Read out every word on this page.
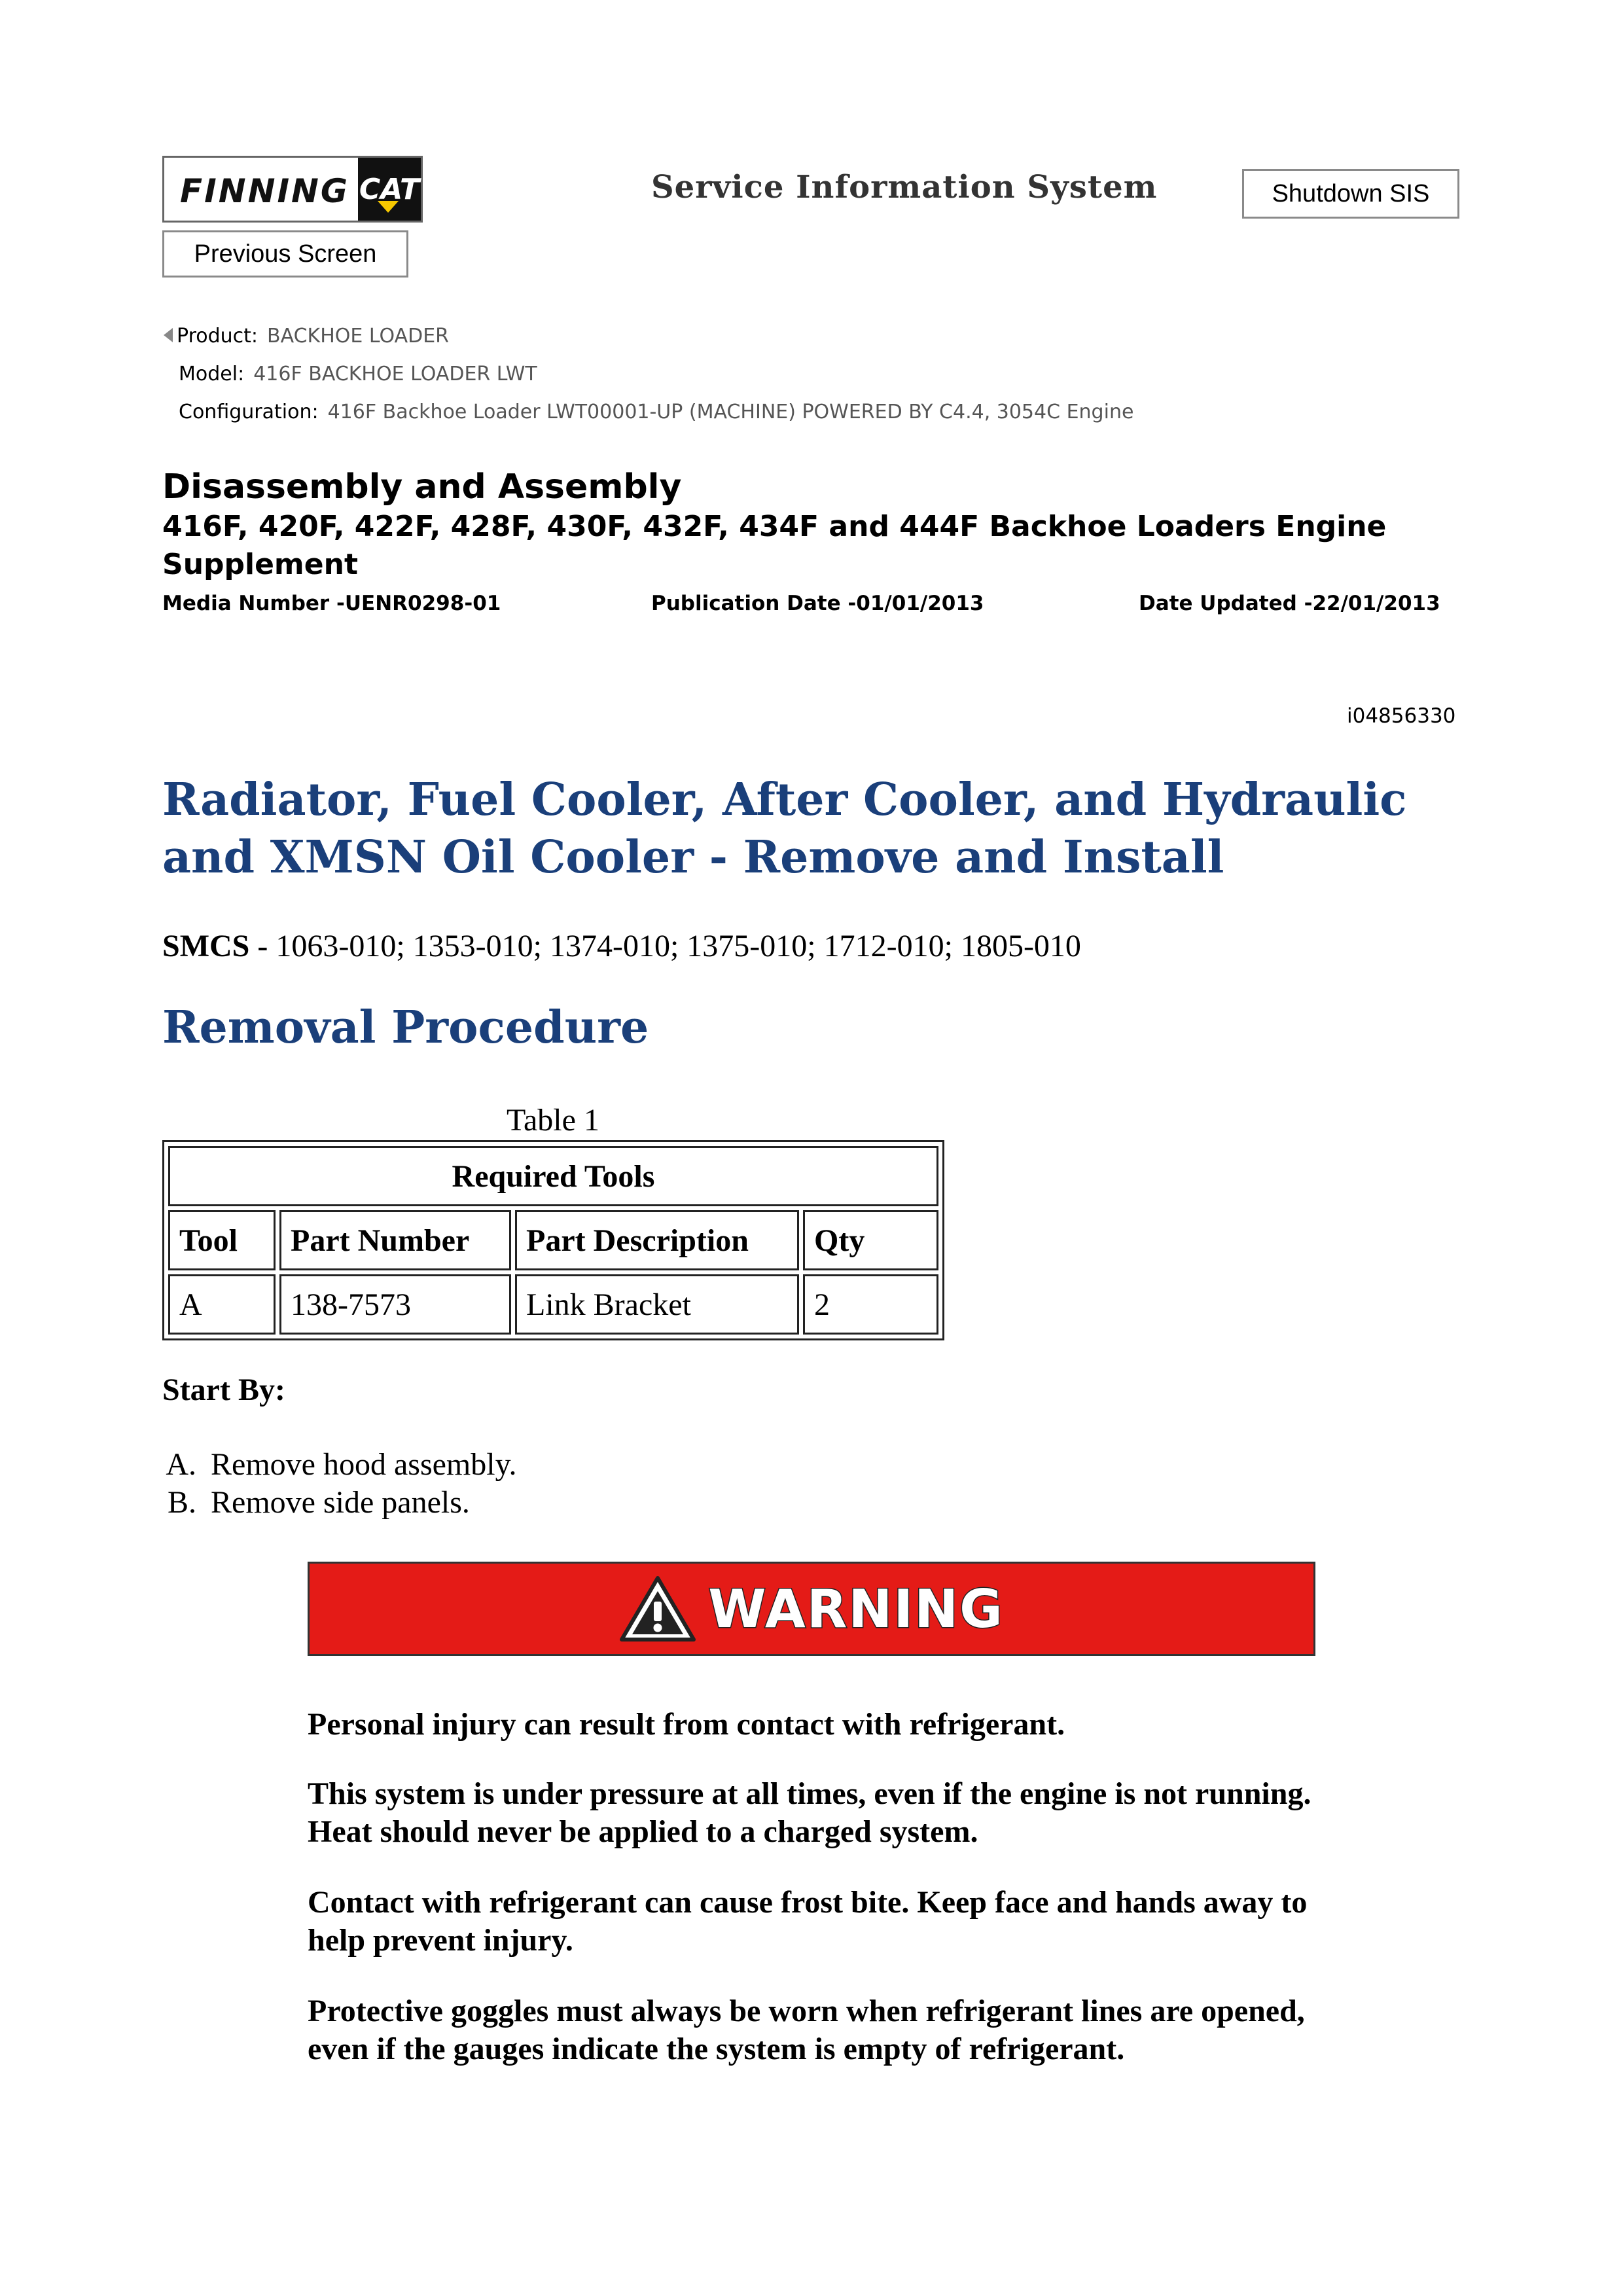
FINNING CAT	Service Information System	Shutdown SIS
Previous Screen
Product: BACKHOE LOADER
Model: 416F BACKHOE LOADER LWT
Configuration: 416F Backhoe Loader LWT00001-UP (MACHINE) POWERED BY C4.4, 3054C Engine
Disassembly and Assembly
416F, 420F, 422F, 428F, 430F, 432F, 434F and 444F Backhoe Loaders Engine Supplement
Media Number -UENR0298-01	Publication Date -01/01/2013	Date Updated -22/01/2013
i04856330
Radiator, Fuel Cooler, After Cooler, and Hydraulic and XMSN Oil Cooler - Remove and Install
SMCS - 1063-010; 1353-010; 1374-010; 1375-010; 1712-010; 1805-010
Removal Procedure
Table 1
Required Tools			
Tool	Part Number	Part Description	Qty
A	138-7573	Link Bracket	2
Start By:
A. Remove hood assembly.
B. Remove side panels.
WARNING
Personal injury can result from contact with refrigerant.
This system is under pressure at all times, even if the engine is not running. Heat should never be applied to a charged system.
Contact with refrigerant can cause frost bite. Keep face and hands away to help prevent injury.
Protective goggles must always be worn when refrigerant lines are opened, even if the gauges indicate the system is empty of refrigerant.
